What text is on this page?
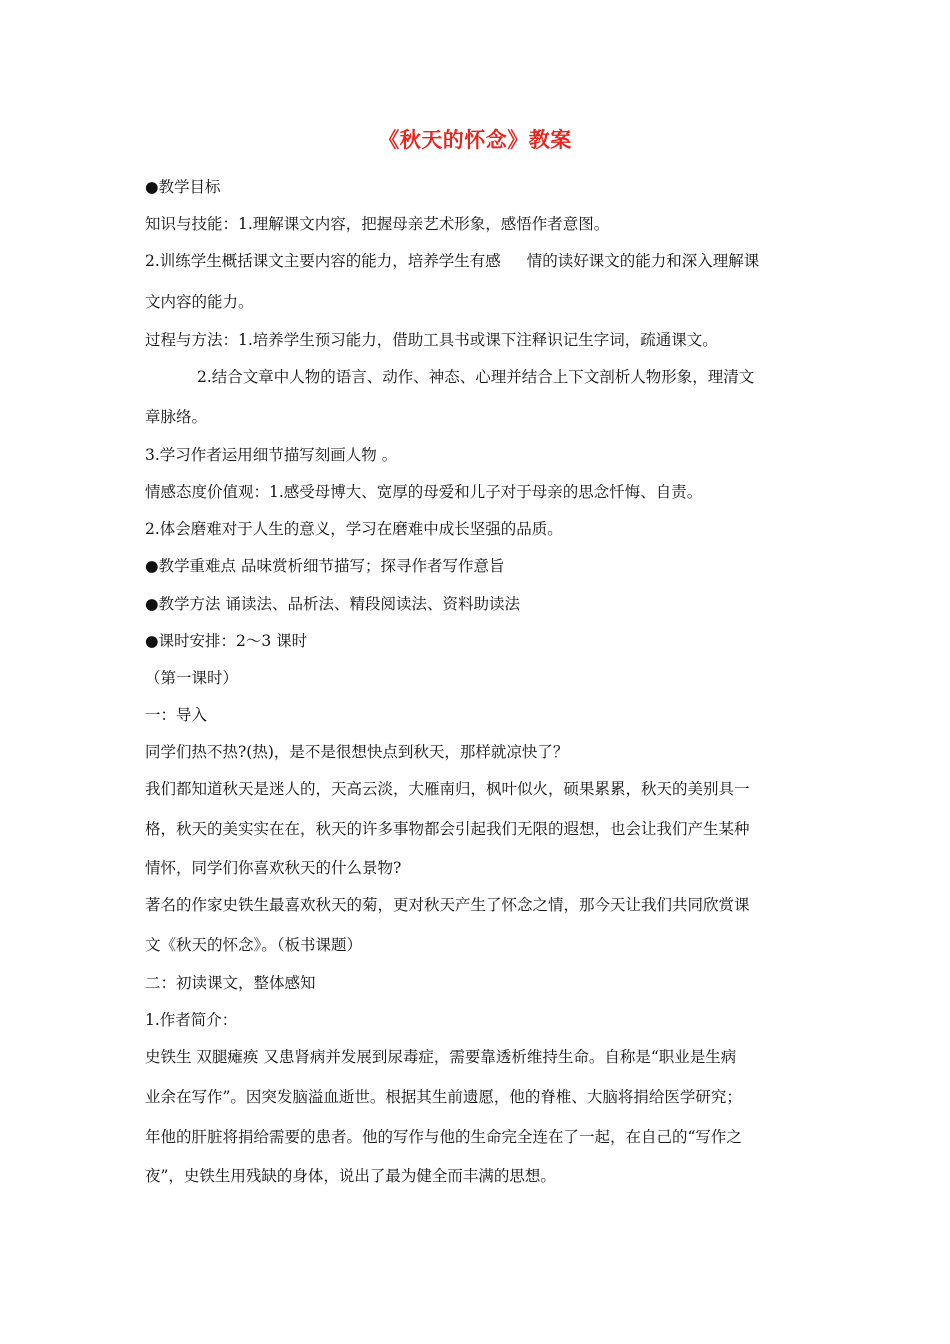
《秋天的怀念》教案
●教学目标
知识与技能：1.理解课文内容，把握母亲艺术形象，感悟作者意图。
2.训练学生概括课文主要内容的能力，培养学生有感 情的读好课文的能力和深入理解课
文内容的能力。
过程与方法：1.培养学生预习能力，借助工具书或课下注释识记生字词，疏通课文。
2.结合文章中人物的语言、动作、神态、心理并结合上下文剖析人物形象，理清文
章脉络。
3.学习作者运用细节描写刻画人物 。
情感态度价值观：1.感受母博大、宽厚的母爱和儿子对于母亲的思念忏悔、自责。
2.体会磨难对于人生的意义，学习在磨难中成长坚强的品质。
●教学重难点 品味赏析细节描写；探寻作者写作意旨
●教学方法 诵读法、品析法、精段阅读法、资料助读法
●课时安排：2～3 课时
（第一课时）
一：导入
同学们热不热?(热)，是不是很想快点到秋天，那样就凉快了？
我们都知道秋天是迷人的，天高云淡，大雁南归，枫叶似火，硕果累累，秋天的美别具一
格，秋天的美实实在在，秋天的许多事物都会引起我们无限的遐想，也会让我们产生某种
情怀，同学们你喜欢秋天的什么景物?
著名的作家史铁生最喜欢秋天的菊，更对秋天产生了怀念之情，那今天让我们共同欣赏课
文《秋天的怀念》。（板书课题）
二：初读课文，整体感知
1.作者简介：
史铁生 双腿瘫痪 又患肾病并发展到尿毒症，需要靠透析维持生命。自称是“职业是生病
业余在写作”。因突发脑溢血逝世。根据其生前遗愿，他的脊椎、大脑将捐给医学研究；
年他的肝脏将捐给需要的患者。他的写作与他的生命完全连在了一起，在自己的“写作之
夜”，史铁生用残缺的身体，说出了最为健全而丰满的思想。
